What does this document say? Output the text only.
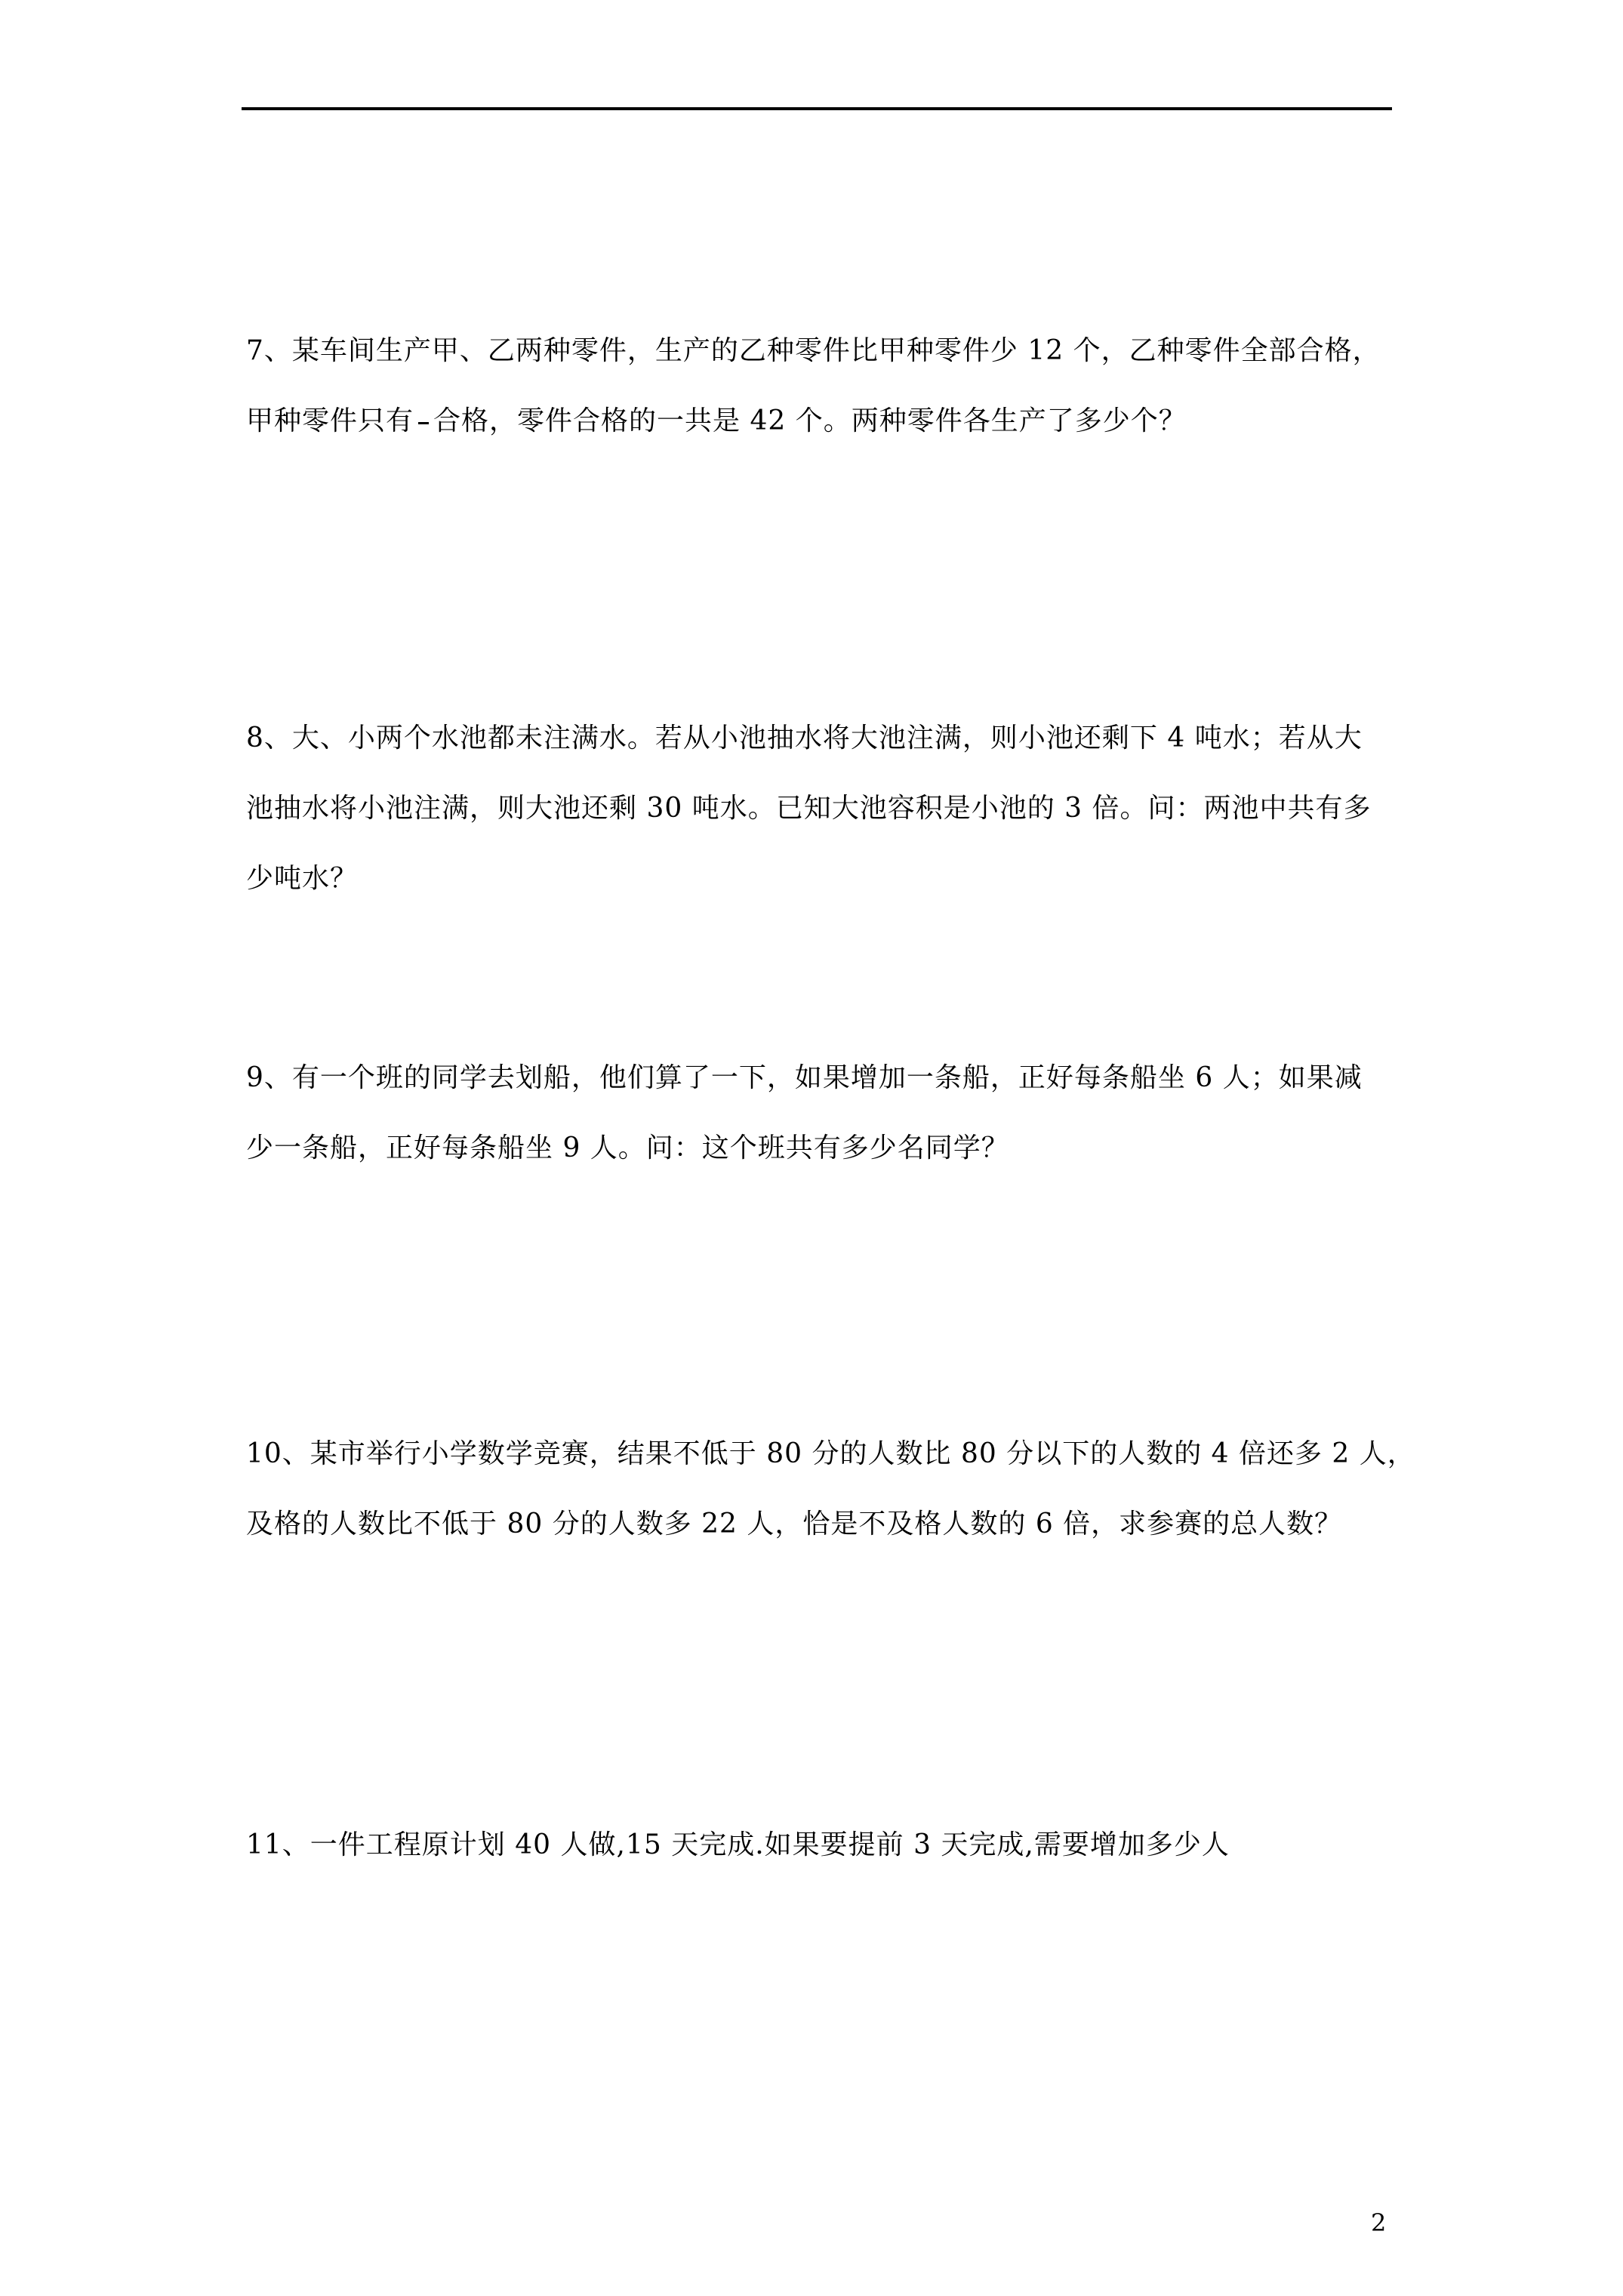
7、某车间生产甲、乙两种零件，生产的乙种零件比甲种零件少 12 个，乙种零件全部合格，
甲种零件只有 合格，零件合格的一共是 42 个。两种零件各生产了多少个？
8、大、小两个水池都未注满水。若从小池抽水将大池注满，则小池还剩下 4 吨水；若从大
池抽水将小池注满，则大池还剩 30 吨水。已知大池容积是小池的 3 倍。问：两池中共有多
少吨水？
9、有一个班的同学去划船，他们算了一下，如果增加一条船，正好每条船坐 6 人；如果减
少一条船，正好每条船坐 9 人。问：这个班共有多少名同学？
10、某市举行小学数学竞赛，结果不低于 80 分的人数比 80 分以下的人数的 4 倍还多 2 人，
及格的人数比不低于 80 分的人数多 22 人，恰是不及格人数的 6 倍，求参赛的总人数？
11、一件工程原计划 40 人做,15 天完成.如果要提前 3 天完成,需要增加多少人
2
